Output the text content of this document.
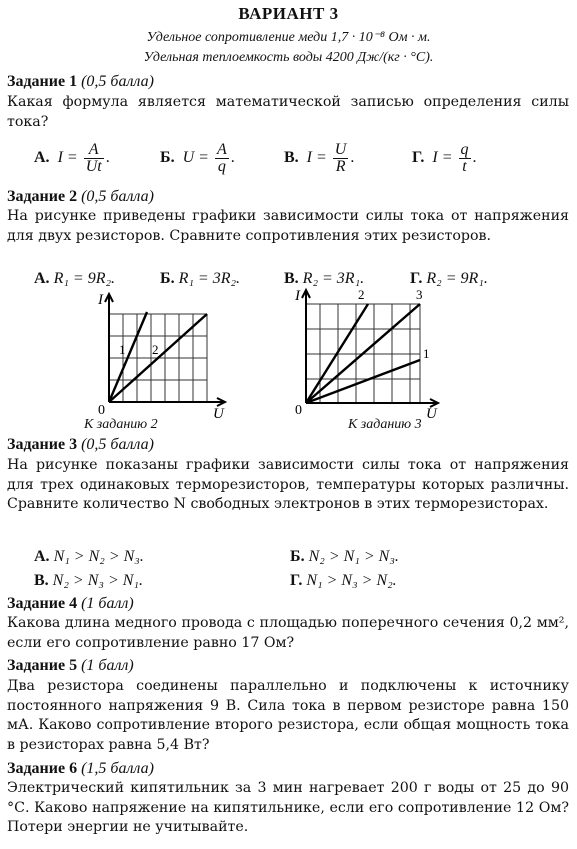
ВАРИАНТ 3
Удельное сопротивление меди 1,7 · 10⁻⁸ Ом · м.
Удельная теплоемкость воды 4200 Дж/(кг · °С).
Задание 1 (0,5 балла)
Какая формула является математической записью определения силы тока?
А. $I = \frac{A}{Ut}$ .	Б. $U = \frac{A}{q}$ .	В. $I = \frac{U}{R}$ .	Г. $I = \frac{q}{t}$ .
Задание 2 (0,5 балла)
На рисунке приведены графики зависимости силы тока от напряжения для двух резисторов. Сравните сопротивления этих резисторов.
А. R₁ = 9R₂.	Б. R₁ = 3R₂.	В. R₂ = 3R₁.	Г. R₂ = 9R₁.
I
U
0
1 2
К заданию 2
I
U
0
2	3
1
К заданию 3
Задание 3 (0,5 балла)
На рисунке показаны графики зависимости силы тока от напряжения для трех одинаковых терморезисторов, температуры которых различны. Сравните количество N свободных электронов в этих терморезисторах.
А. N₁ > N₂ > N₃.	Б. N₂ > N₁ > N₃.
В. N₂ > N₃ > N₁.	Г. N₁ > N₃ > N₂.
Задание 4 (1 балл)
Какова длина медного провода с площадью поперечного сечения 0,2 мм², если его сопротивление равно 17 Ом?
Задание 5 (1 балл)
Два резистора соединены параллельно и подключены к источнику постоянного напряжения 9 В. Сила тока в первом резисторе равна 150 мА. Каково сопротивление второго резистора, если общая мощность тока в резисторах равна 5,4 Вт?
Задание 6 (1,5 балла)
Электрический кипятильник за 3 мин нагревает 200 г воды от 25 до 90 °С. Каково напряжение на кипятильнике, если его сопротивление 12 Ом? Потери энергии не учитывайте.
